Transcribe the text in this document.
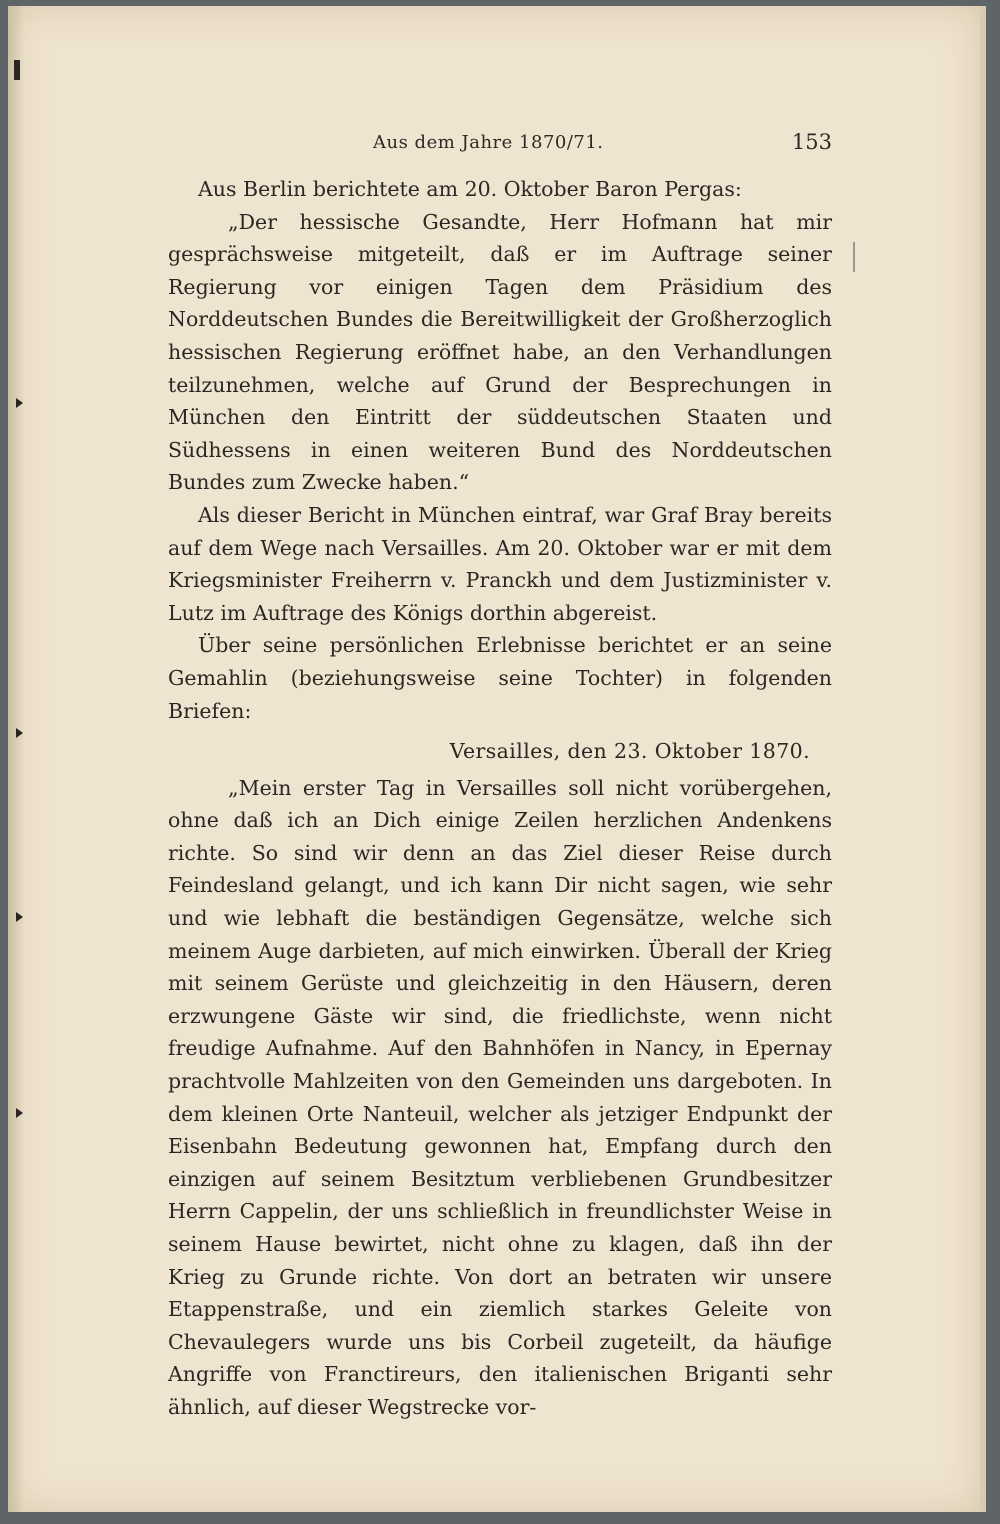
Aus dem Jahre 1870/71.	153

Aus Berlin berichtete am 20. Oktober Baron Pergas:

„Der hessische Gesandte, Herr Hofmann hat mir gesprächsweise mitgeteilt, daß er im Auftrage seiner Regierung vor einigen Tagen dem Präsidium des Norddeutschen Bundes die Bereitwilligkeit der Großherzoglich hessischen Regierung eröffnet habe, an den Verhandlungen teilzunehmen, welche auf Grund der Besprechungen in München den Eintritt der süddeutschen Staaten und Südhessens in einen weiteren Bund des Norddeutschen Bundes zum Zwecke haben.“

Als dieser Bericht in München eintraf, war Graf Bray bereits auf dem Wege nach Versailles. Am 20. Oktober war er mit dem Kriegsminister Freiherrn v. Pranckh und dem Justizminister v. Lutz im Auftrage des Königs dorthin abgereist.

Über seine persönlichen Erlebnisse berichtet er an seine Gemahlin (beziehungsweise seine Tochter) in folgenden Briefen:

Versailles, den 23. Oktober 1870.

„Mein erster Tag in Versailles soll nicht vorübergehen, ohne daß ich an Dich einige Zeilen herzlichen Andenkens richte. So sind wir denn an das Ziel dieser Reise durch Feindesland gelangt, und ich kann Dir nicht sagen, wie sehr und wie lebhaft die beständigen Gegensätze, welche sich meinem Auge darbieten, auf mich einwirken. Überall der Krieg mit seinem Gerüste und gleichzeitig in den Häusern, deren erzwungene Gäste wir sind, die friedlichste, wenn nicht freudige Aufnahme. Auf den Bahnhöfen in Nancy, in Epernay prachtvolle Mahlzeiten von den Gemeinden uns dargeboten. In dem kleinen Orte Nanteuil, welcher als jetziger Endpunkt der Eisenbahn Bedeutung gewonnen hat, Empfang durch den einzigen auf seinem Besitztum verbliebenen Grundbesitzer Herrn Cappelin, der uns schließlich in freundlichster Weise in seinem Hause bewirtet, nicht ohne zu klagen, daß ihn der Krieg zu Grunde richte. Von dort an betraten wir unsere Etappenstraße, und ein ziemlich starkes Geleite von Chevaulegers wurde uns bis Corbeil zugeteilt, da häufige Angriffe von Franctireurs, den italienischen Briganti sehr ähnlich, auf dieser Wegstrecke vor-
